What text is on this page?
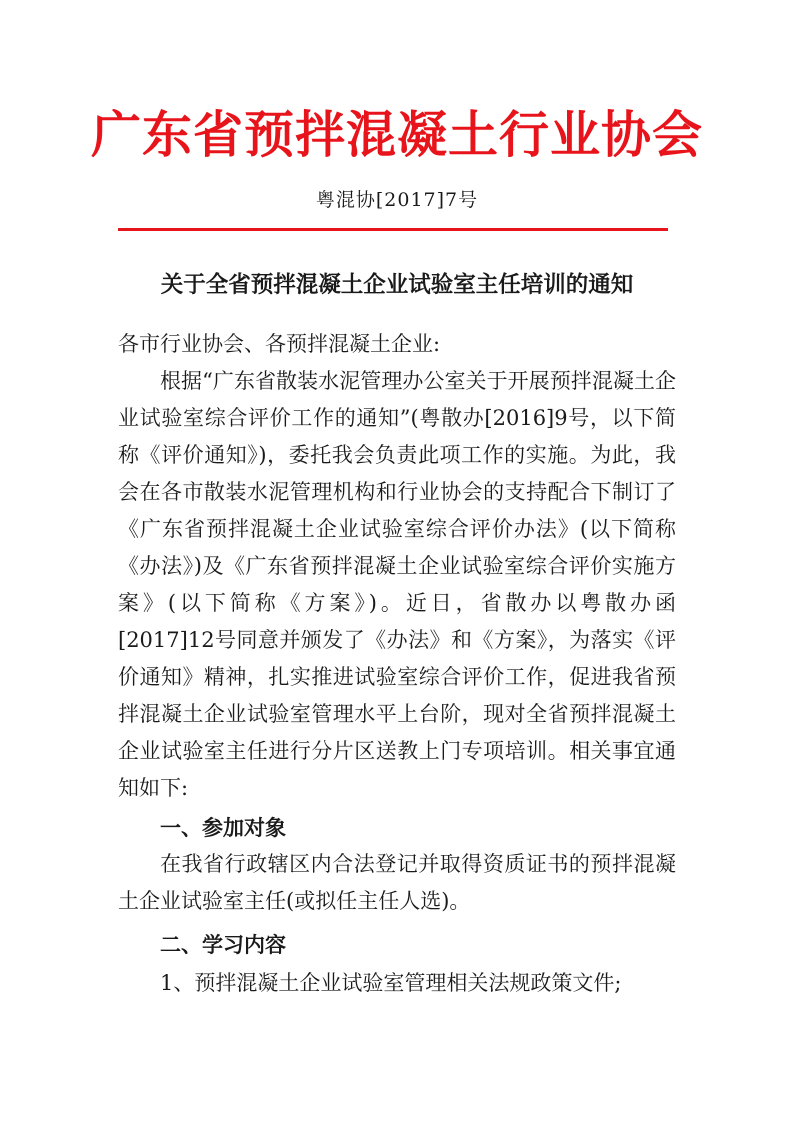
广东省预拌混凝土行业协会
粤混协[2017]7号
关于全省预拌混凝土企业试验室主任培训的通知

各市行业协会、各预拌混凝土企业:

根据“广东省散装水泥管理办公室关于开展预拌混凝土企业试验室综合评价工作的通知”(粤散办[2016]9号，以下简称《评价通知》)，委托我会负责此项工作的实施。为此，我会在各市散装水泥管理机构和行业协会的支持配合下制订了《广东省预拌混凝土企业试验室综合评价办法》(以下简称《办法》)及《广东省预拌混凝土企业试验室综合评价实施方案》(以下简称《方案》)。近日，省散办以粤散办函[2017]12号同意并颁发了《办法》和《方案》，为落实《评价通知》精神，扎实推进试验室综合评价工作，促进我省预拌混凝土企业试验室管理水平上台阶，现对全省预拌混凝土企业试验室主任进行分片区送教上门专项培训。相关事宜通知如下:

一、参加对象

在我省行政辖区内合法登记并取得资质证书的预拌混凝土企业试验室主任(或拟任主任人选)。

二、学习内容

1、预拌混凝土企业试验室管理相关法规政策文件;
